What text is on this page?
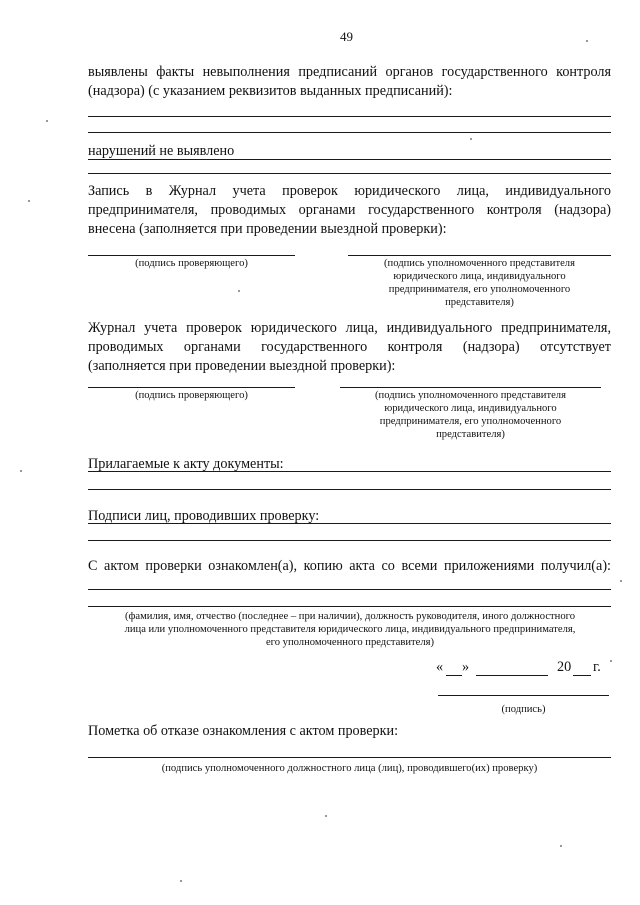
49
выявлены факты невыполнения предписаний органов государственного контроля
(надзора) (с указанием реквизитов выданных предписаний):
нарушений не выявлено
Запись в Журнал учета проверок юридического лица, индивидуального
предпринимателя, проводимых органами государственного контроля (надзора)
внесена (заполняется при проведении выездной проверки):
(подпись проверяющего)	(подпись уполномоченного представителя
юридического лица, индивидуального
предпринимателя, его уполномоченного
представителя)
Журнал учета проверок юридического лица, индивидуального предпринимателя,
проводимых органами государственного контроля (надзора) отсутствует
(заполняется при проведении выездной проверки):
(подпись проверяющего)	(подпись уполномоченного представителя
юридического лица, индивидуального
предпринимателя, его уполномоченного
представителя)
Прилагаемые к акту документы:
Подписи лиц, проводивших проверку:
С актом проверки ознакомлен(а), копию акта со всеми приложениями получил(а):
(фамилия, имя, отчество (последнее – при наличии), должность руководителя, иного должностного
лица или уполномоченного представителя юридического лица, индивидуального предпринимателя,
его уполномоченного представителя)
« »	20 г.
(подпись)
Пометка об отказе ознакомления с актом проверки:
(подпись уполномоченного должностного лица (лиц), проводившего(их) проверку)
